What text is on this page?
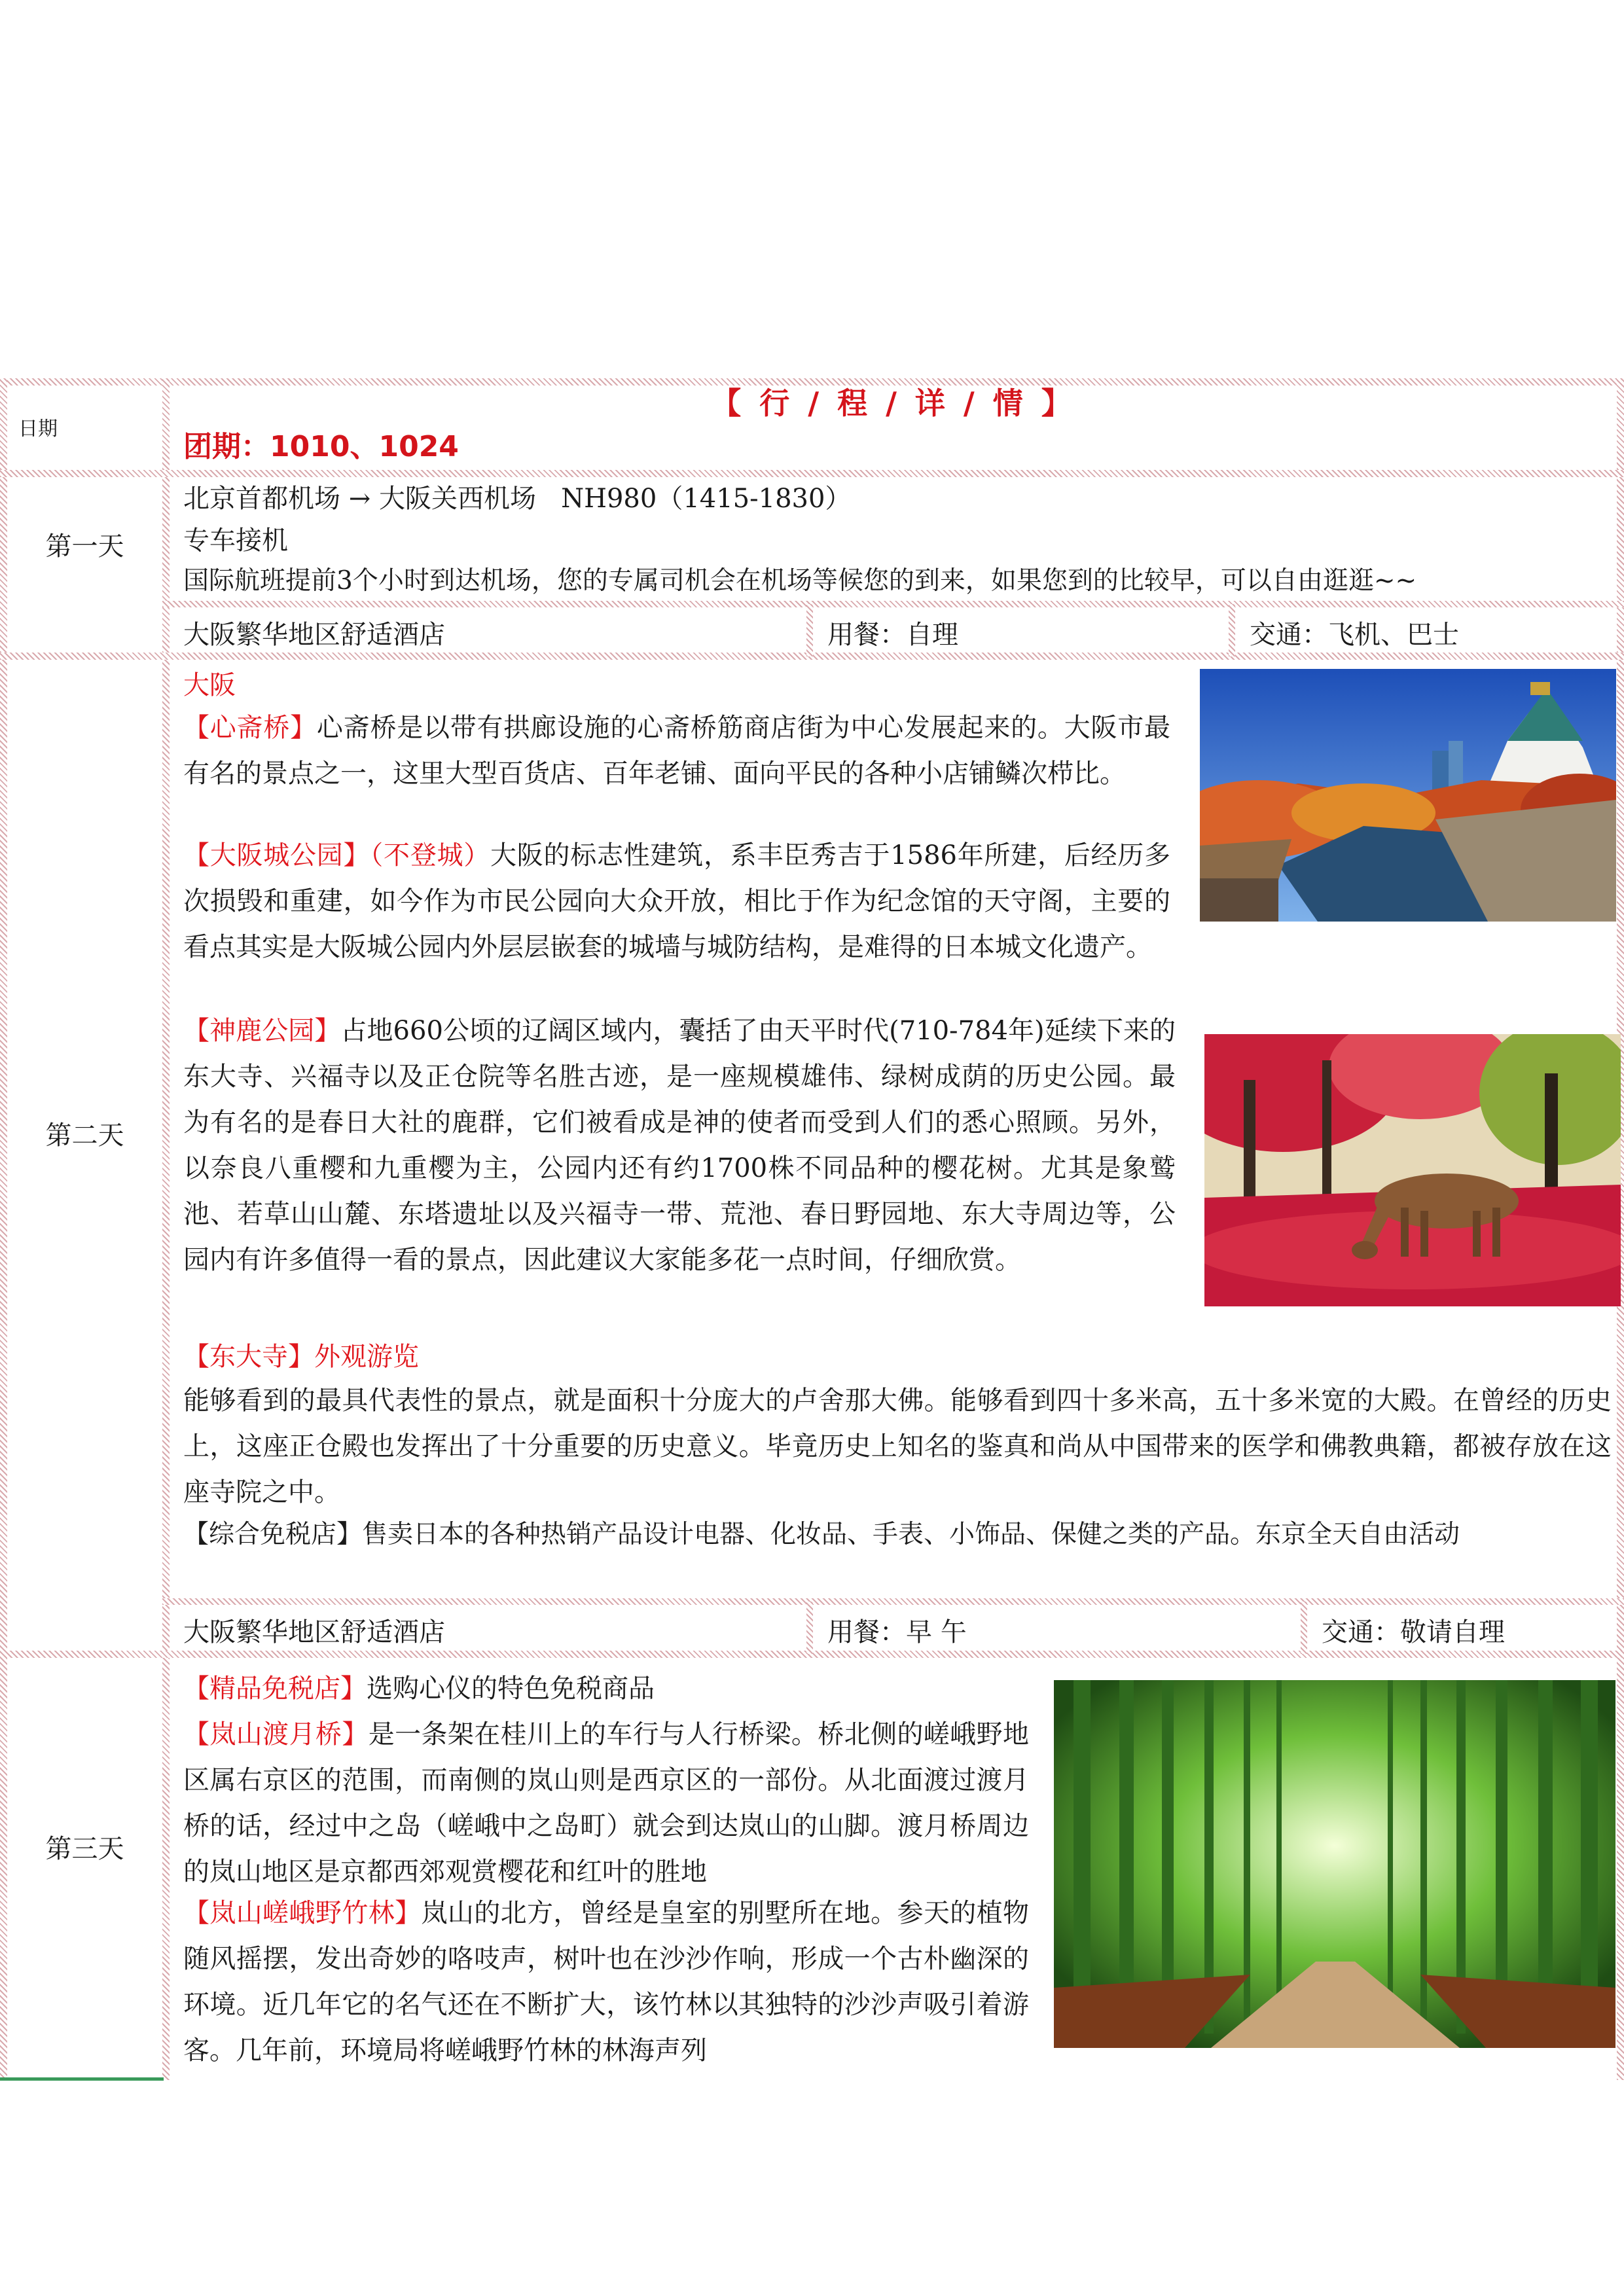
日期
【 行 / 程 / 详 / 情 】
团期：1010、1024
第一天
北京首都机场 → 大阪关西机场   NH980（1415-1830）
专车接机
国际航班提前3个小时到达机场，您的专属司机会在机场等候您的到来，如果您到的比较早，可以自由逛逛~~
大阪繁华地区舒适酒店	用餐：自理	交通：飞机、巴士
第二天
大阪
【心斋桥】心斋桥是以带有拱廊设施的心斋桥筋商店街为中心发展起来的。大阪市最有名的景点之一，这里大型百货店、百年老铺、面向平民的各种小店铺鳞次栉比。
【大阪城公园】（不登城）大阪的标志性建筑，系丰臣秀吉于1586年所建，后经历多次损毁和重建，如今作为市民公园向大众开放，相比于作为纪念馆的天守阁，主要的看点其实是大阪城公园内外层层嵌套的城墙与城防结构，是难得的日本城文化遗产。
【神鹿公园】占地660公顷的辽阔区域内，囊括了由天平时代(710-784年)延续下来的东大寺、兴福寺以及正仓院等名胜古迹，是一座规模雄伟、绿树成荫的历史公园。最为有名的是春日大社的鹿群，它们被看成是神的使者而受到人们的悉心照顾。另外，以奈良八重樱和九重樱为主，公园内还有约1700株不同品种的樱花树。尤其是象鹫池、若草山山麓、东塔遗址以及兴福寺一带、荒池、春日野园地、东大寺周边等，公园内有许多值得一看的景点，因此建议大家能多花一点时间，仔细欣赏。
【东大寺】外观游览
能够看到的最具代表性的景点，就是面积十分庞大的卢舍那大佛。能够看到四十多米高，五十多米宽的大殿。在曾经的历史上，这座正仓殿也发挥出了十分重要的历史意义。毕竟历史上知名的鉴真和尚从中国带来的医学和佛教典籍，都被存放在这座寺院之中。
【综合免税店】售卖日本的各种热销产品设计电器、化妆品、手表、小饰品、保健之类的产品。东京全天自由活动
大阪繁华地区舒适酒店	用餐：早 午	交通：敬请自理
第三天
【精品免税店】选购心仪的特色免税商品
【岚山渡月桥】是一条架在桂川上的车行与人行桥梁。桥北侧的嵯峨野地区属右京区的范围，而南侧的岚山则是西京区的一部份。从北面渡过渡月桥的话，经过中之岛（嵯峨中之岛町）就会到达岚山的山脚。渡月桥周边的岚山地区是京都西郊观赏樱花和红叶的胜地
【岚山嵯峨野竹林】岚山的北方，曾经是皇室的别墅所在地。参天的植物随风摇摆，发出奇妙的咯吱声，树叶也在沙沙作响，形成一个古朴幽深的环境。近几年它的名气还在不断扩大，该竹林以其独特的沙沙声吸引着游客。几年前，环境局将嵯峨野竹林的林海声列
